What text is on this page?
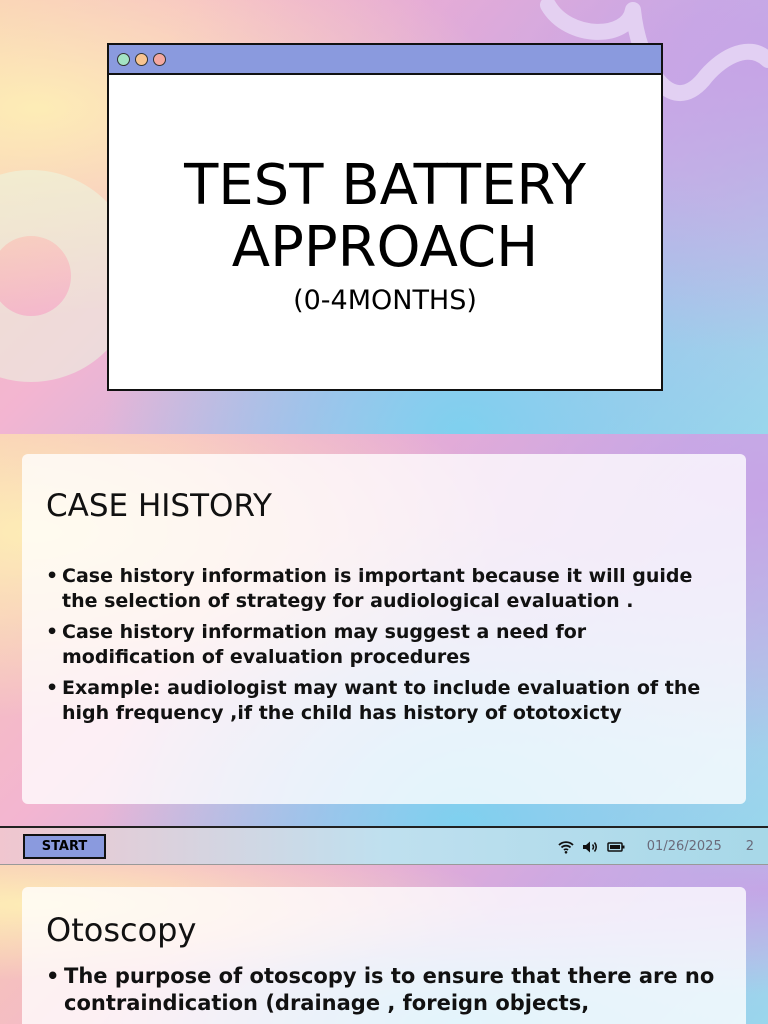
TEST BATTERY
APPROACH
(0-4MONTHS)
CASE HISTORY
• Case history information is important because it will guide the selection of strategy for audiological evaluation .
• Case history information may suggest a need for modification of evaluation procedures
• Example: audiologist may want to include evaluation of the high frequency ,if the child has history of ototoxicty
START	01/26/2025 2
Otoscopy
• The purpose of otoscopy is to ensure that there are no contraindication (drainage , foreign objects,
